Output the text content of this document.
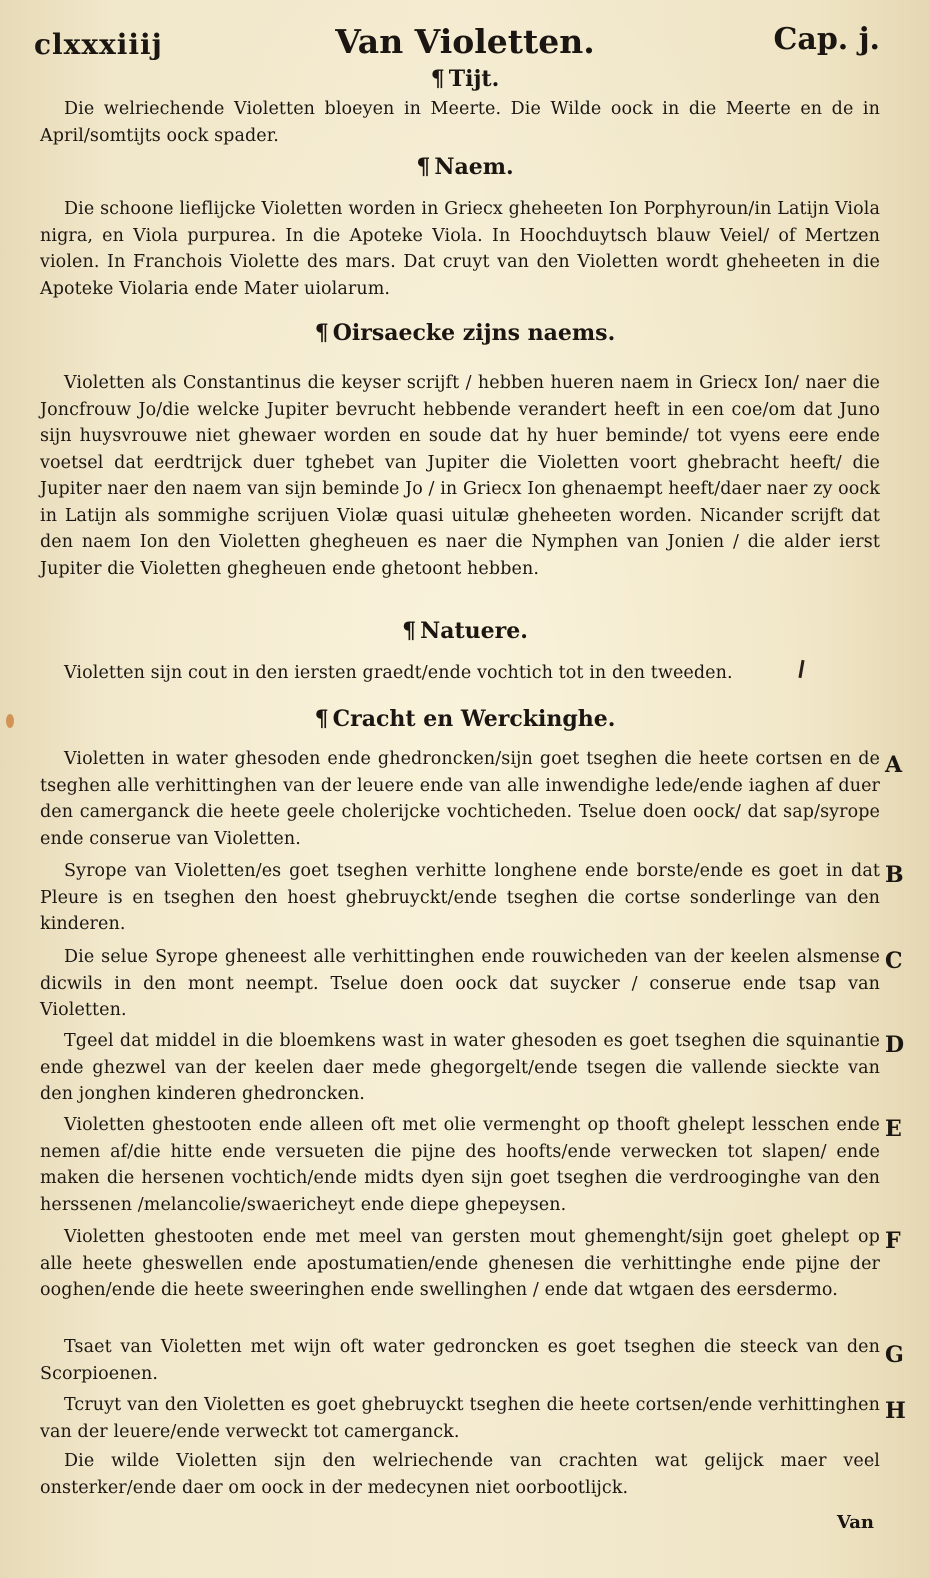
clxxxiiij	Van Violetten.	Cap. j.
¶ Tijt.
Die welriechende Violetten bloeyen in Meerte. Die Wilde oock in die Meerte en de in April/somtijts oock spader.
¶ Naem.
Die schoone lieflijcke Violetten worden in Griecx gheheeten Ion Porphyroun/in Latijn Viola nigra, en Viola purpurea. In die Apoteke Viola. In Hoochduytsch blauw Veiel/ of Mertzen violen. In Franchois Violette des mars. Dat cruyt van den Violetten wordt gheheeten in die Apoteke Violaria ende Mater uiolarum.
¶ Oirsaecke zijns naems.
Violetten als Constantinus die keyser scrijft / hebben hueren naem in Griecx Ion/ naer die Joncfrouw Jo/die welcke Jupiter bevrucht hebbende verandert heeft in een coe/om dat Juno sijn huysvrouwe niet ghewaer worden en soude dat hy huer beminde/ tot vyens eere ende voetsel dat eerdtrijck duer tghebet van Jupiter die Violetten voort ghebracht heeft/ die Jupiter naer den naem van sijn beminde Jo / in Griecx Ion ghenaempt heeft/daer naer zy oock in Latijn als sommighe scrijuen Violæ quasi uitulæ gheheeten worden. Nicander scrijft dat den naem Ion den Violetten ghegheuen es naer die Nymphen van Jonien / die alder ierst Jupiter die Violetten ghegheuen ende ghetoont hebben.
¶ Natuere.
Violetten sijn cout in den iersten graedt/ende vochtich tot in den tweeden.
¶ Cracht en Werckinghe.
Violetten in water ghesoden ende ghedroncken/sijn goet tseghen die heete cortsen en de tseghen alle verhittinghen van der leuere ende van alle inwendighe lede/ende iaghen af duer den camerganck die heete geele cholerijcke vochticheden. Tselue doen oock/ dat sap/syrope ende conserue van Violetten.
A
Syrope van Violetten/es goet tseghen verhitte longhene ende borste/ende es goet in dat Pleure is en tseghen den hoest ghebruyckt/ende tseghen die cortse sonderlinge van den kinderen.
B
Die selue Syrope gheneest alle verhittinghen ende rouwicheden van der keelen alsmense dicwils in den mont neempt. Tselue doen oock dat suycker / conserue ende tsap van Violetten.
C
Tgeel dat middel in die bloemkens wast in water ghesoden es goet tseghen die squinantie ende ghezwel van der keelen daer mede ghegorgelt/ende tsegen die vallende sieckte van den jonghen kinderen ghedroncken.
D
Violetten ghestooten ende alleen oft met olie vermenght op thooft ghelept lesschen ende nemen af/die hitte ende versueten die pijne des hoofts/ende verwecken tot slapen/ ende maken die hersenen vochtich/ende midts dyen sijn goet tseghen die verdrooginghe van den herssenen /melancolie/swaericheyt ende diepe ghepeysen.
E
Violetten ghestooten ende met meel van gersten mout ghemenght/sijn goet ghelept op alle heete gheswellen ende apostumatien/ende ghenesen die verhittinghe ende pijne der ooghen/ende die heete sweeringhen ende swellinghen / ende dat wtgaen des eersdermo.
F
Tsaet van Violetten met wijn oft water gedroncken es goet tseghen die steeck van den Scorpioenen.
G
Tcruyt van den Violetten es goet ghebruyckt tseghen die heete cortsen/ende verhittinghen van der leuere/ende verweckt tot camerganck.
H
Die wilde Violetten sijn den welriechende van crachten wat gelijck maer veel onsterker/ende daer om oock in der medecynen niet oorbootlijck.
Van
